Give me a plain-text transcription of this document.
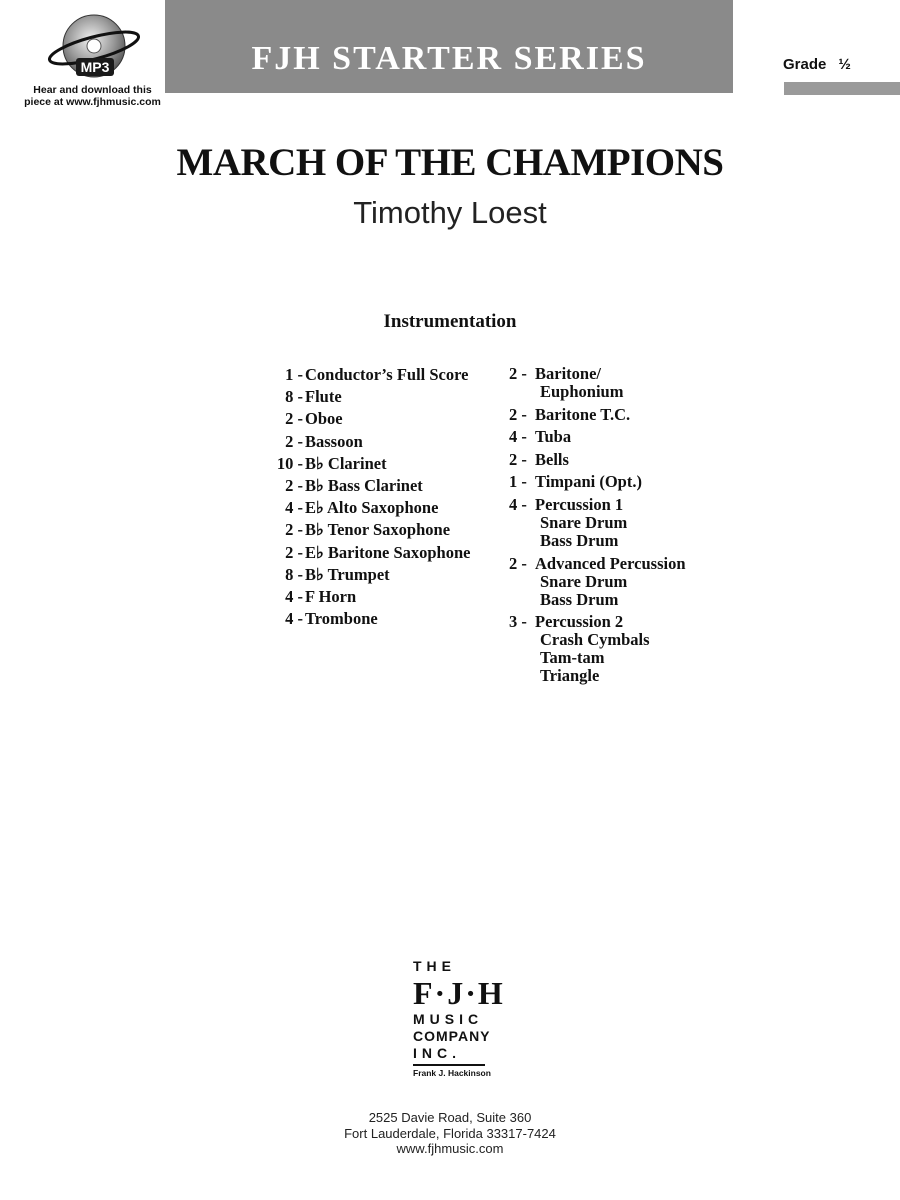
MP3
Hear and download this
piece at www.fjhmusic.com
FJH STARTER SERIES	Grade ½
MARCH OF THE CHAMPIONS
Timothy Loest
Instrumentation
1 - Conductor’s Full Score
8 - Flute
2 - Oboe
2 - Bassoon
10 - B♭ Clarinet
2 - B♭ Bass Clarinet
4 - E♭ Alto Saxophone
2 - B♭ Tenor Saxophone
2 - E♭ Baritone Saxophone
8 - B♭ Trumpet
4 - F Horn
4 - Trombone
2 - Baritone/
Euphonium
2 - Baritone T.C.
4 - Tuba
2 - Bells
1 - Timpani (Opt.)
4 - Percussion 1
Snare Drum
Bass Drum
2 - Advanced Percussion
Snare Drum
Bass Drum
3 - Percussion 2
Crash Cymbals
Tam-tam
Triangle
THE
F·J·H
MUSIC
COMPANY
INC.
Frank J. Hackinson
2525 Davie Road, Suite 360
Fort Lauderdale, Florida 33317-7424
www.fjhmusic.com
